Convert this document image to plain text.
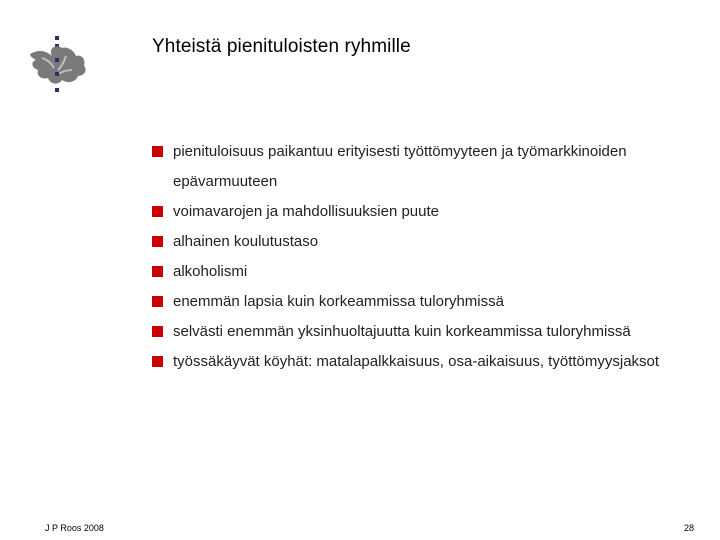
Yhteistä pienituloisten ryhmille
pienituloisuus paikantuu erityisesti työttömyyteen ja työmarkkinoiden epävarmuuteen
voimavarojen ja mahdollisuuksien puute
alhainen koulutustaso
alkoholismi
enemmän lapsia kuin korkeammissa tuloryhmissä
selvästi enemmän yksinhuoltajuutta kuin korkeammissa tuloryhmissä
työssäkäyvät köyhät: matalapalkkaisuus, osa-aikaisuus, työttömyysjaksot
J P Roos 2008	28
